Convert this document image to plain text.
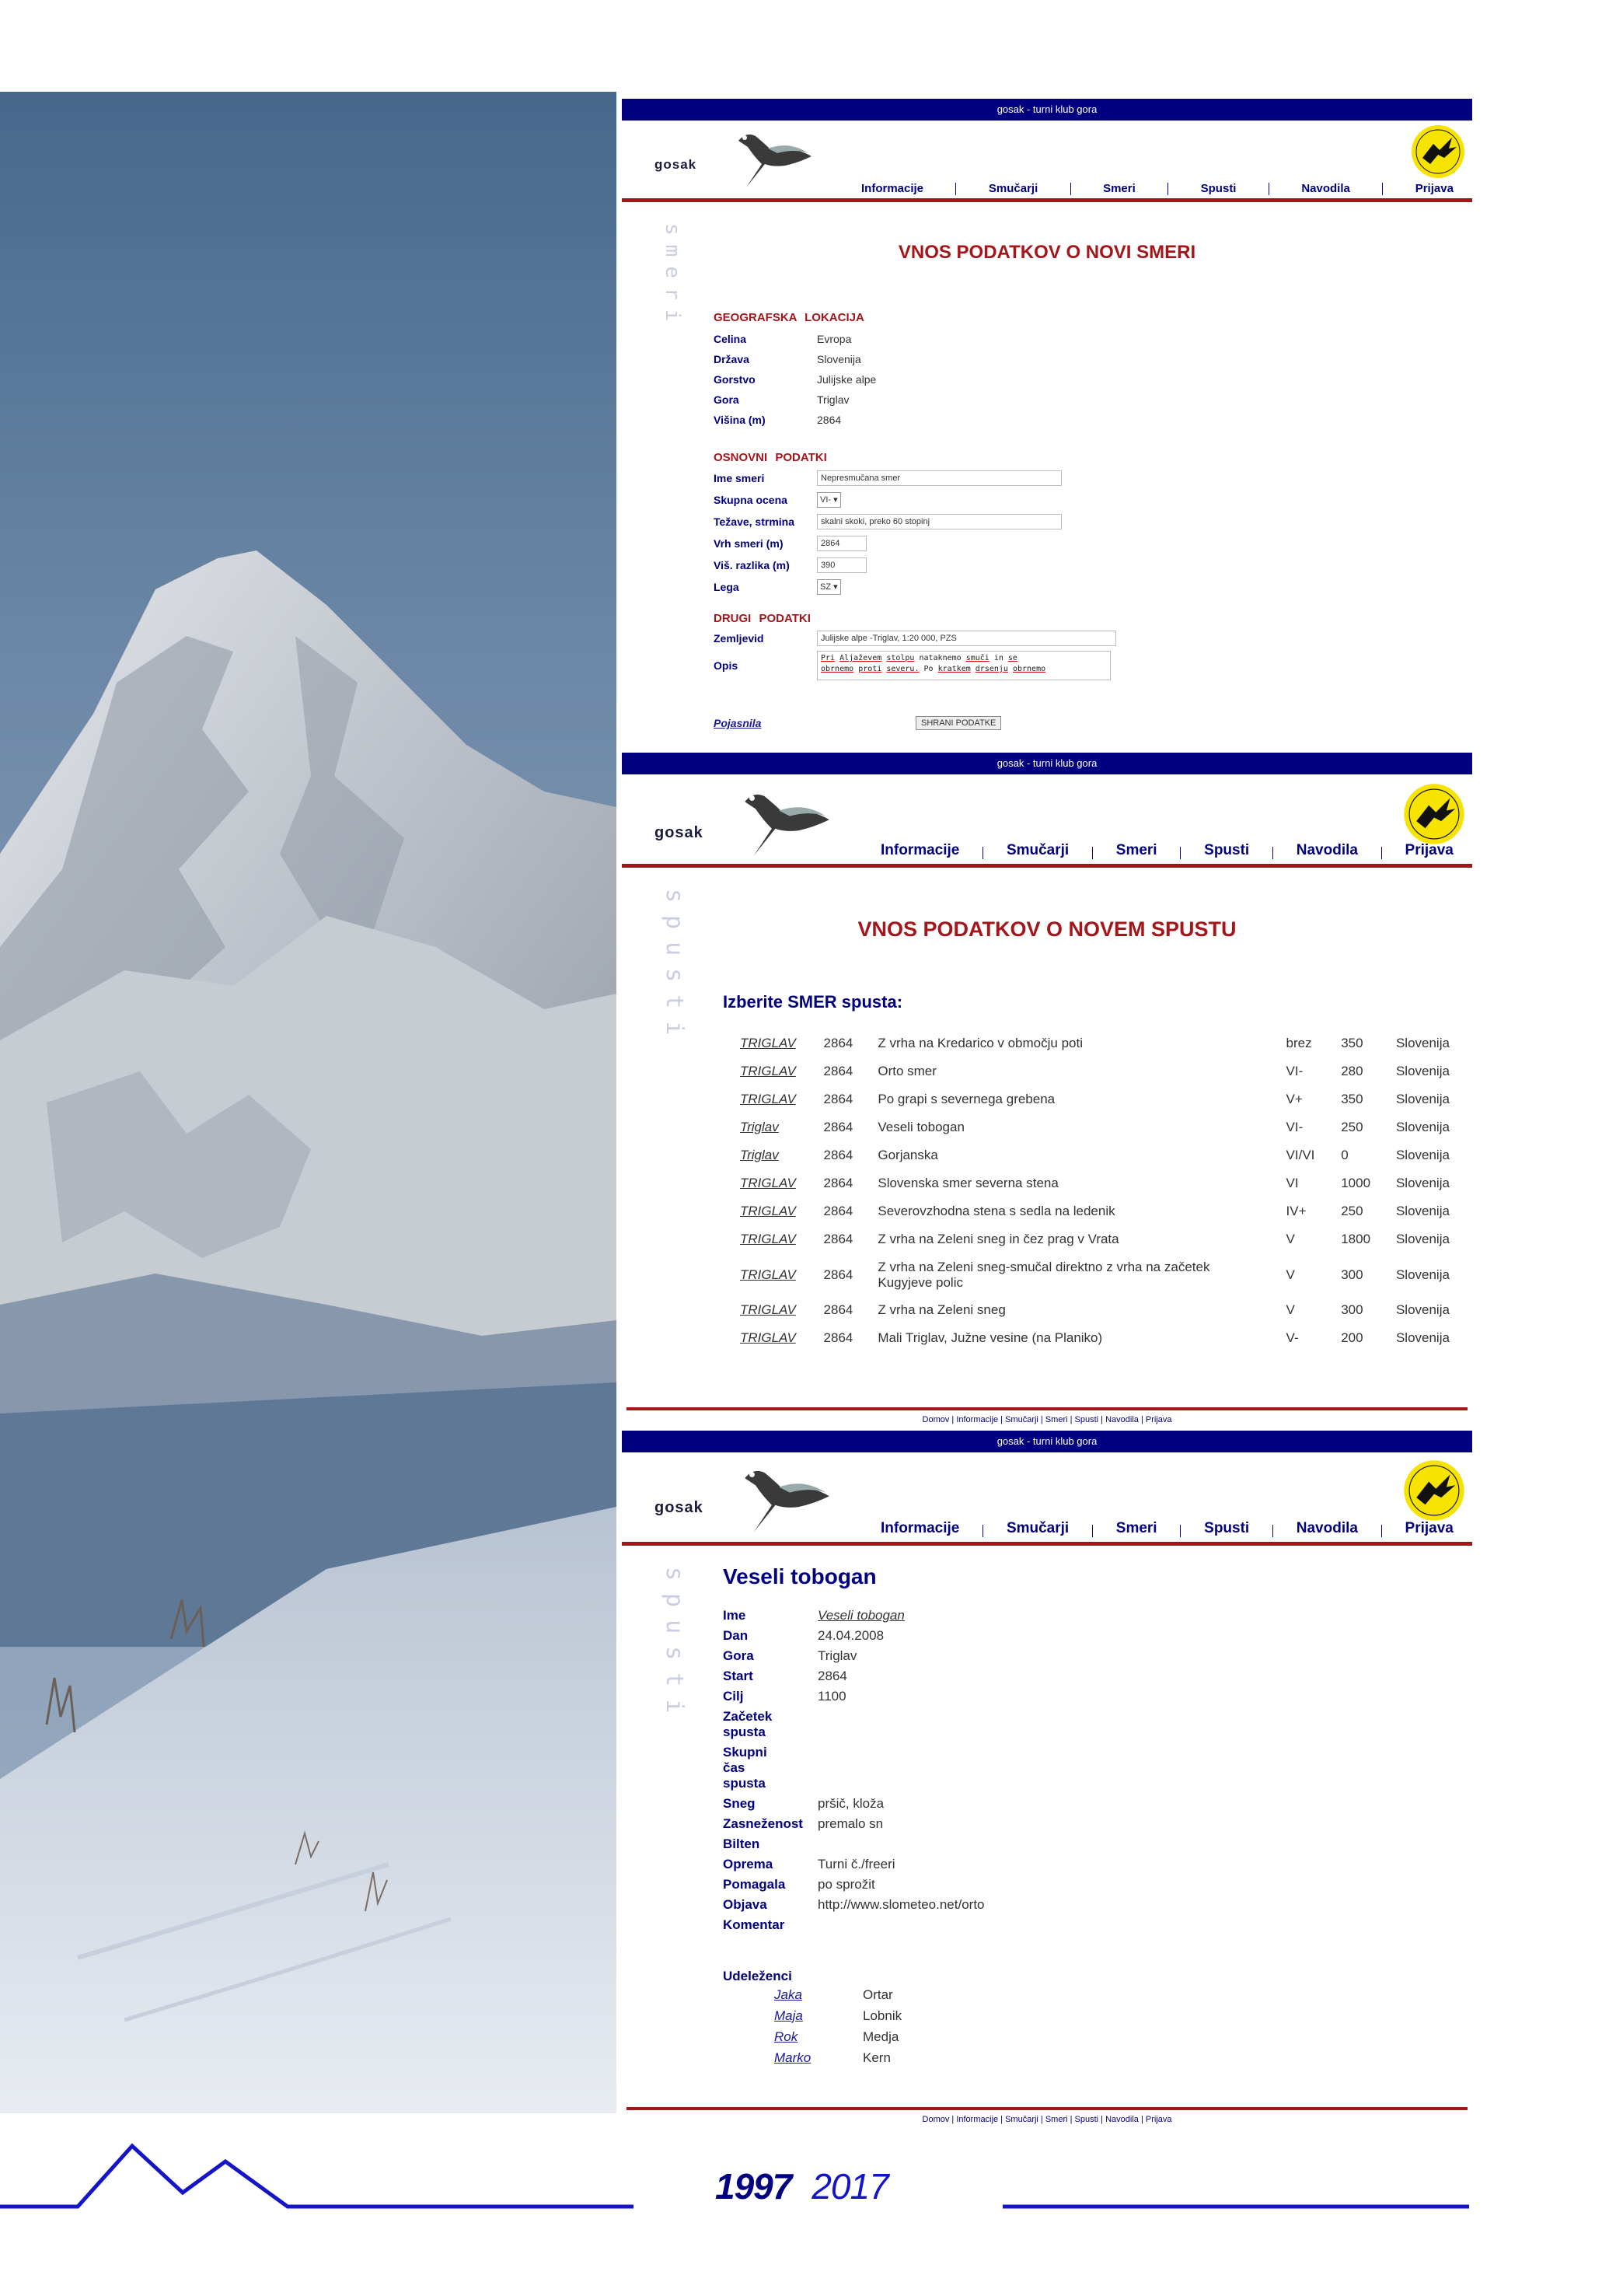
gosak - turni klub gora
gosak
Informacije	Smučarji	Smeri	Spusti	Navodila	Prijava
smeri	VNOS PODATKOV O NOVI SMERI
GEOGRAFSKA LOKACIJA
Celina	Evropa
Država	Slovenija
Gorstvo	Julijske alpe
Gora	Triglav
Višina (m)	2864
OSNOVNI PODATKI
Ime smeri	Nepresmučana smer
Skupna ocena	VI- ▾
Težave, strmina	skalni skoki, preko 60 stopinj
Vrh smeri (m)	2864
Viš. razlika (m)	390
Lega	SZ ▾
DRUGI PODATKI
Zemljevid	Julijske alpe -Triglav, 1:20 000, PZS
Opis
Pri Aljaževem stolpu nataknemo smuči in se
obrnemo proti severu. Po kratkem drsenju obrnemo
Pojasnila	SHRANI PODATKE
gosak - turni klub gora
gosak
Informacije	Smučarji	Smeri	Spusti	Navodila	Prijava
spusti	VNOS PODATKOV O NOVEM SPUSTU
Izberite SMER spusta:
TRIGLAV	2864	Z vrha na Kredarico v območju poti	brez	350	Slovenija
TRIGLAV	2864	Orto smer	VI-	280	Slovenija
TRIGLAV	2864	Po grapi s severnega grebena	V+	350	Slovenija
Triglav	2864	Veseli tobogan	VI-	250	Slovenija
Triglav	2864	Gorjanska	VI/VI	0	Slovenija
TRIGLAV	2864	Slovenska smer severna stena	VI	1000	Slovenija
TRIGLAV	2864	Severovzhodna stena s sedla na ledenik	IV+	250	Slovenija
TRIGLAV	2864	Z vrha na Zeleni sneg in čez prag v Vrata	V	1800	Slovenija
TRIGLAV	2864	Z vrha na Zeleni sneg-smučal direktno z vrha na začetek Kugyjeve polic	V	300	Slovenija
TRIGLAV	2864	Z vrha na Zeleni sneg	V	300	Slovenija
TRIGLAV	2864	Mali Triglav, Južne vesine (na Planiko)	V-	200	Slovenija
Domov | Informacije | Smučarji | Smeri | Spusti | Navodila | Prijava
gosak - turni klub gora
gosak
Informacije	Smučarji	Smeri	Spusti	Navodila	Prijava
spusti Veseli tobogan
Ime	Veseli tobogan
Dan	24.04.2008
Gora	Triglav
Start	2864
Cilj	1100
Začetek spusta
Skupni čas spusta
Sneg	pršič, kloža
Zasneženost	premalo sn
Bilten
Oprema	Turni č./freeri
Pomagala	po sprožit
Objava	http://www.slometeo.net/orto
Komentar
Udeleženci
Jaka	Ortar
Maja	Lobnik
Rok	Medja
Marko	Kern
Domov | Informacije | Smučarji | Smeri | Spusti | Navodila | Prijava
1997 2017
